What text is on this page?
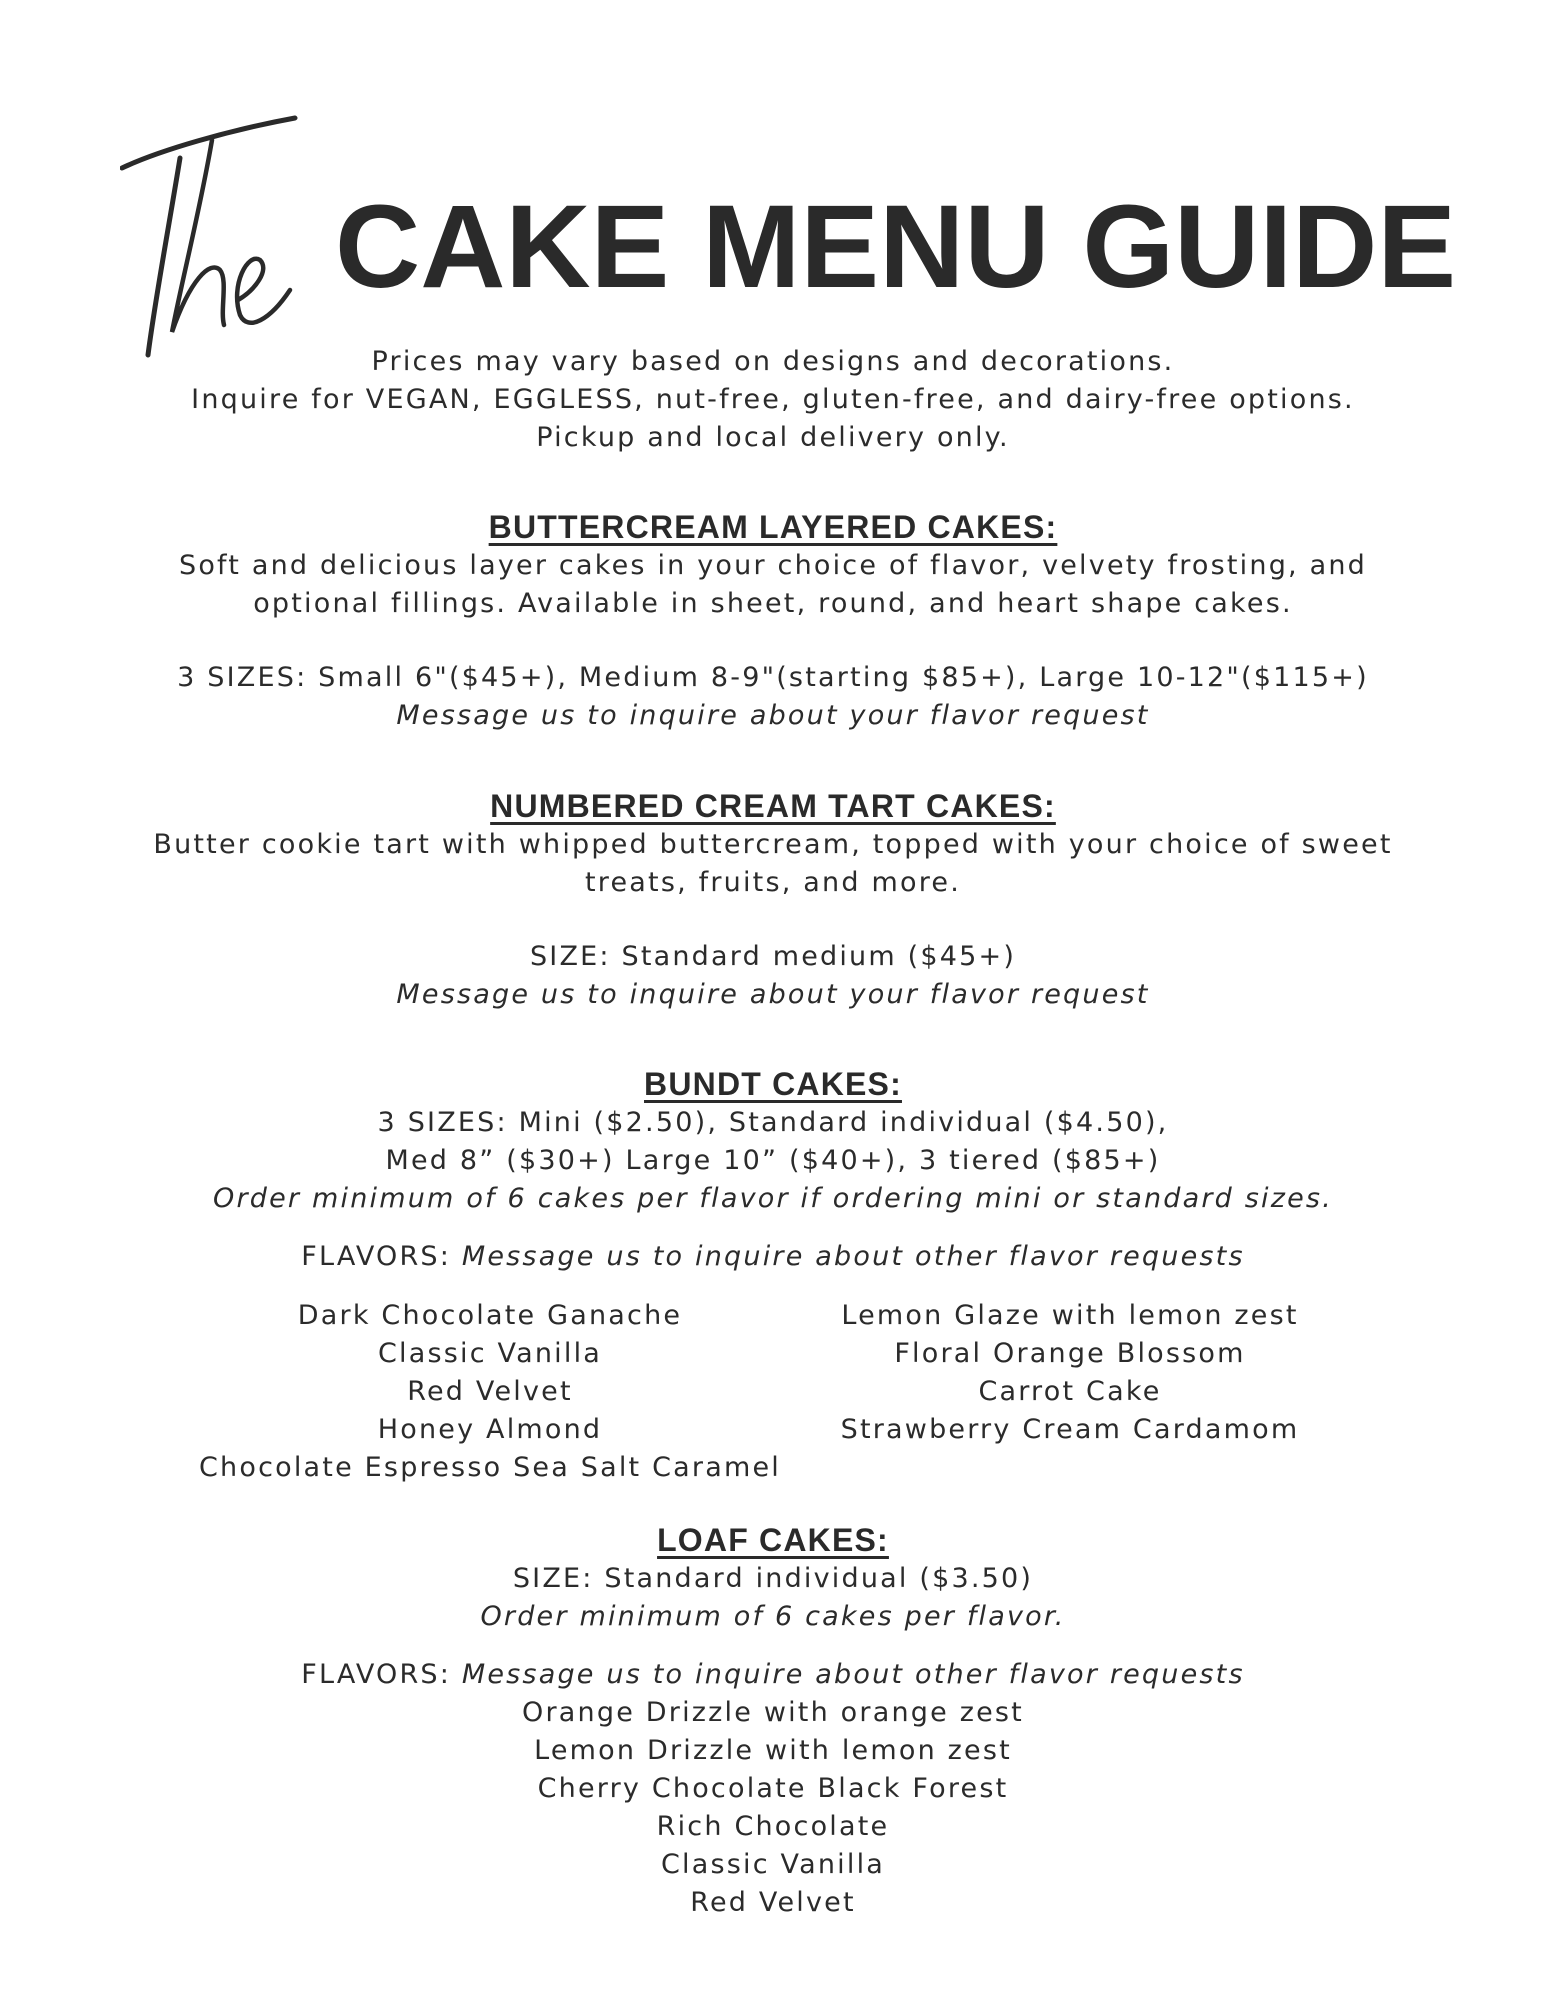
CAKE MENU GUIDE
Prices may vary based on designs and decorations.
Inquire for VEGAN, EGGLESS, nut-free, gluten-free, and dairy-free options.
Pickup and local delivery only.
BUTTERCREAM LAYERED CAKES:
Soft and delicious layer cakes in your choice of flavor, velvety frosting, and
optional fillings. Available in sheet, round, and heart shape cakes.
3 SIZES: Small 6"($45+), Medium 8-9"(starting $85+), Large 10-12"($115+)
Message us to inquire about your flavor request
NUMBERED CREAM TART CAKES:
Butter cookie tart with whipped buttercream, topped with your choice of sweet
treats, fruits, and more.
SIZE: Standard medium ($45+)
Message us to inquire about your flavor request
BUNDT CAKES:
3 SIZES: Mini ($2.50), Standard individual ($4.50),
Med 8” ($30+) Large 10” ($40+), 3 tiered ($85+)
Order minimum of 6 cakes per flavor if ordering mini or standard sizes.
FLAVORS: Message us to inquire about other flavor requests
Dark Chocolate Ganache
Classic Vanilla
Red Velvet
Honey Almond
Chocolate Espresso Sea Salt Caramel
Lemon Glaze with lemon zest
Floral Orange Blossom
Carrot Cake
Strawberry Cream Cardamom
LOAF CAKES:
SIZE: Standard individual ($3.50)
Order minimum of 6 cakes per flavor.
FLAVORS: Message us to inquire about other flavor requests
Orange Drizzle with orange zest
Lemon Drizzle with lemon zest
Cherry Chocolate Black Forest
Rich Chocolate
Classic Vanilla
Red Velvet
